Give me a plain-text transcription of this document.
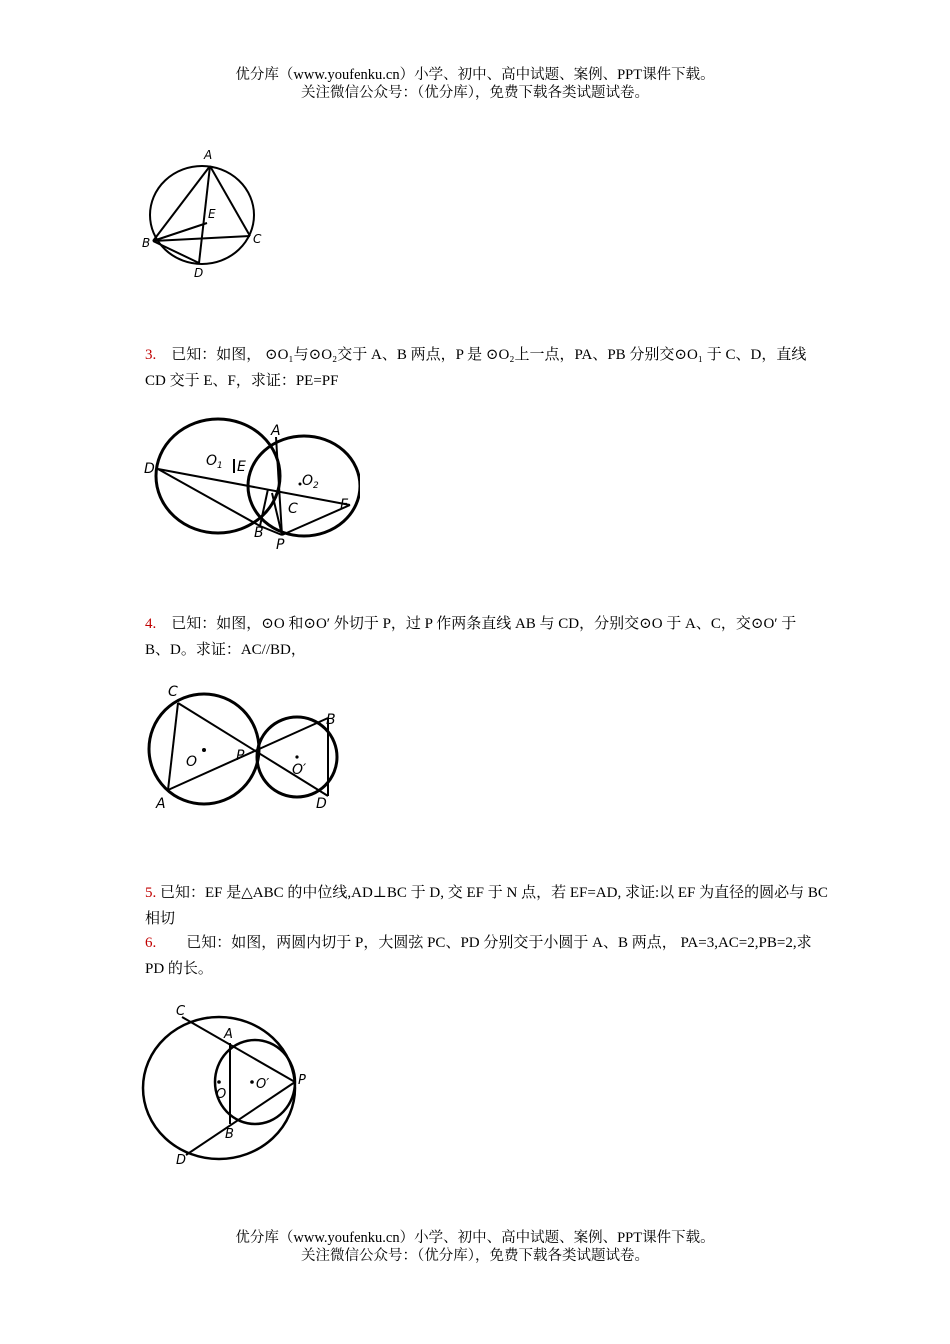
优分库（www.youfenku.cn）小学、初中、高中试题、案例、PPT课件下载。
关注微信公众号：（优分库），免费下载各类试题试卷。
A
B	C
D
E
3. 已知：如图， ⊙O₁与⊙O₂交于 A、B 两点，P 是 ⊙O₂上一点，PA、PB 分别交⊙O₁ 于 C、D，直线
CD 交于 E、F，求证：PE=PF
D	$O_1$ E
A
$O_2$
F
C
B
P
4. 已知：如图，⊙O 和⊙O′ 外切于 P，过 P 作两条直线 AB 与 CD，分别交⊙O 于 A、C，交⊙O′ 于
B、D。求证：AC//BD，
C
A
O	P
O′
B
D
5. 已知：EF 是△ABC 的中位线,AD⊥BC 于 D, 交 EF 于 N 点，若 EF=AD, 求证:以 EF 为直径的圆必与 BC
相切
6. 已知：如图，两圆内切于 P，大圆弦 PC、PD 分别交于小圆于 A、B 两点， PA=3,AC=2,PB=2,求
PD 的长。
C
A
O
O′ P
B
D
优分库（www.youfenku.cn）小学、初中、高中试题、案例、PPT课件下载。
关注微信公众号：（优分库），免费下载各类试题试卷。
